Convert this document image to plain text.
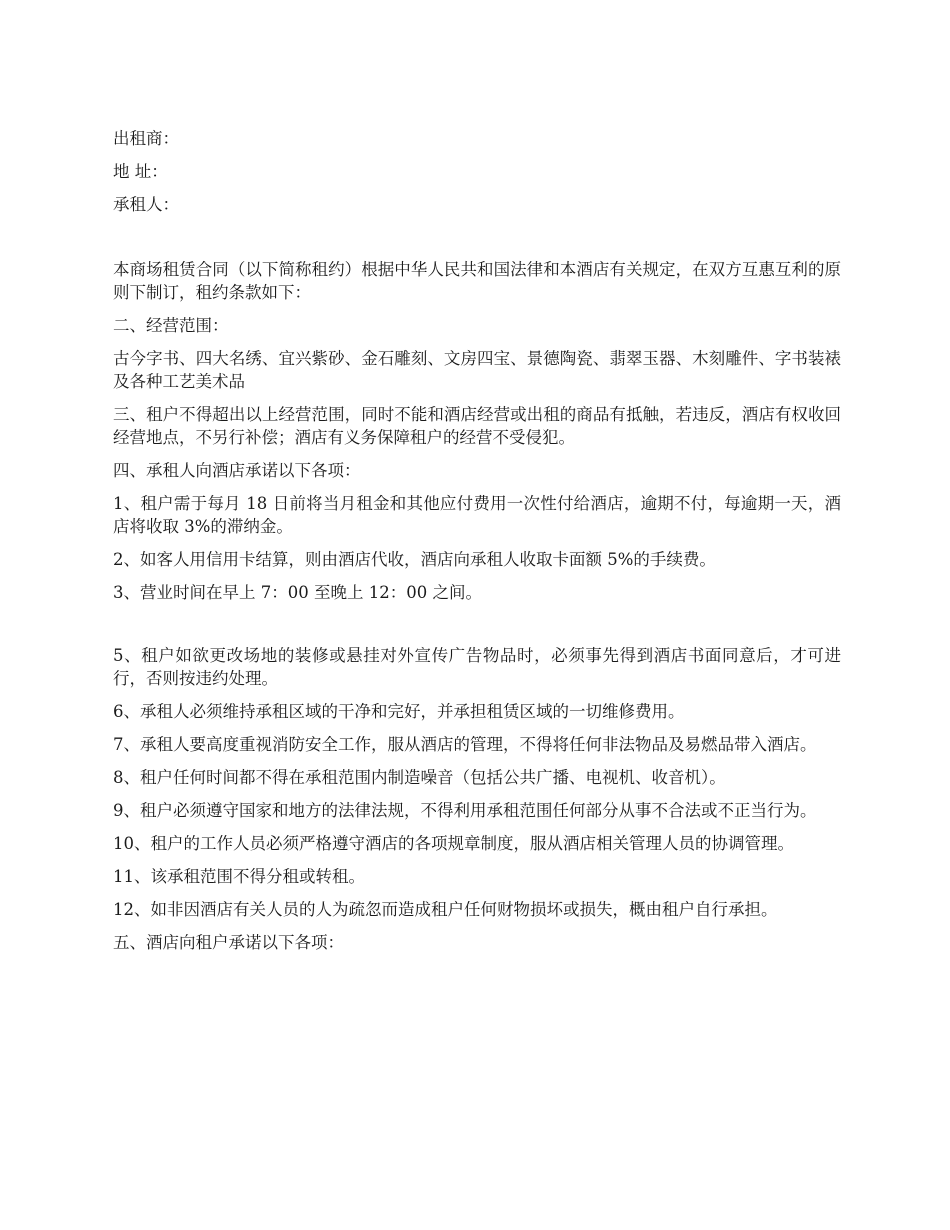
出租商：

地 址：

承租人：

本商场租赁合同（以下简称租约）根据中华人民共和国法律和本酒店有关规定，在双方互惠互利的原则下制订，租约条款如下：

二、经营范围：

古今字书、四大名绣、宜兴紫砂、金石雕刻、文房四宝、景德陶瓷、翡翠玉器、木刻雕件、字书装裱及各种工艺美术品

三、租户不得超出以上经营范围，同时不能和酒店经营或出租的商品有抵触，若违反，酒店有权收回经营地点，不另行补偿；酒店有义务保障租户的经营不受侵犯。

四、承租人向酒店承诺以下各项：

1、租户需于每月 18 日前将当月租金和其他应付费用一次性付给酒店，逾期不付，每逾期一天，酒店将收取 3%的滞纳金。

2、如客人用信用卡结算，则由酒店代收，酒店向承租人收取卡面额 5%的手续费。

3、营业时间在早上 7：00 至晚上 12：00 之间。

5、租户如欲更改场地的装修或悬挂对外宣传广告物品时，必须事先得到酒店书面同意后，才可进行，否则按违约处理。

6、承租人必须维持承租区域的干净和完好，并承担租赁区域的一切维修费用。

7、承租人要高度重视消防安全工作，服从酒店的管理，不得将任何非法物品及易燃品带入酒店。

8、租户任何时间都不得在承租范围内制造噪音（包括公共广播、电视机、收音机）。

9、租户必须遵守国家和地方的法律法规，不得利用承租范围任何部分从事不合法或不正当行为。

10、租户的工作人员必须严格遵守酒店的各项规章制度，服从酒店相关管理人员的协调管理。

11、该承租范围不得分租或转租。

12、如非因酒店有关人员的人为疏忽而造成租户任何财物损坏或损失，概由租户自行承担。

五、酒店向租户承诺以下各项：
